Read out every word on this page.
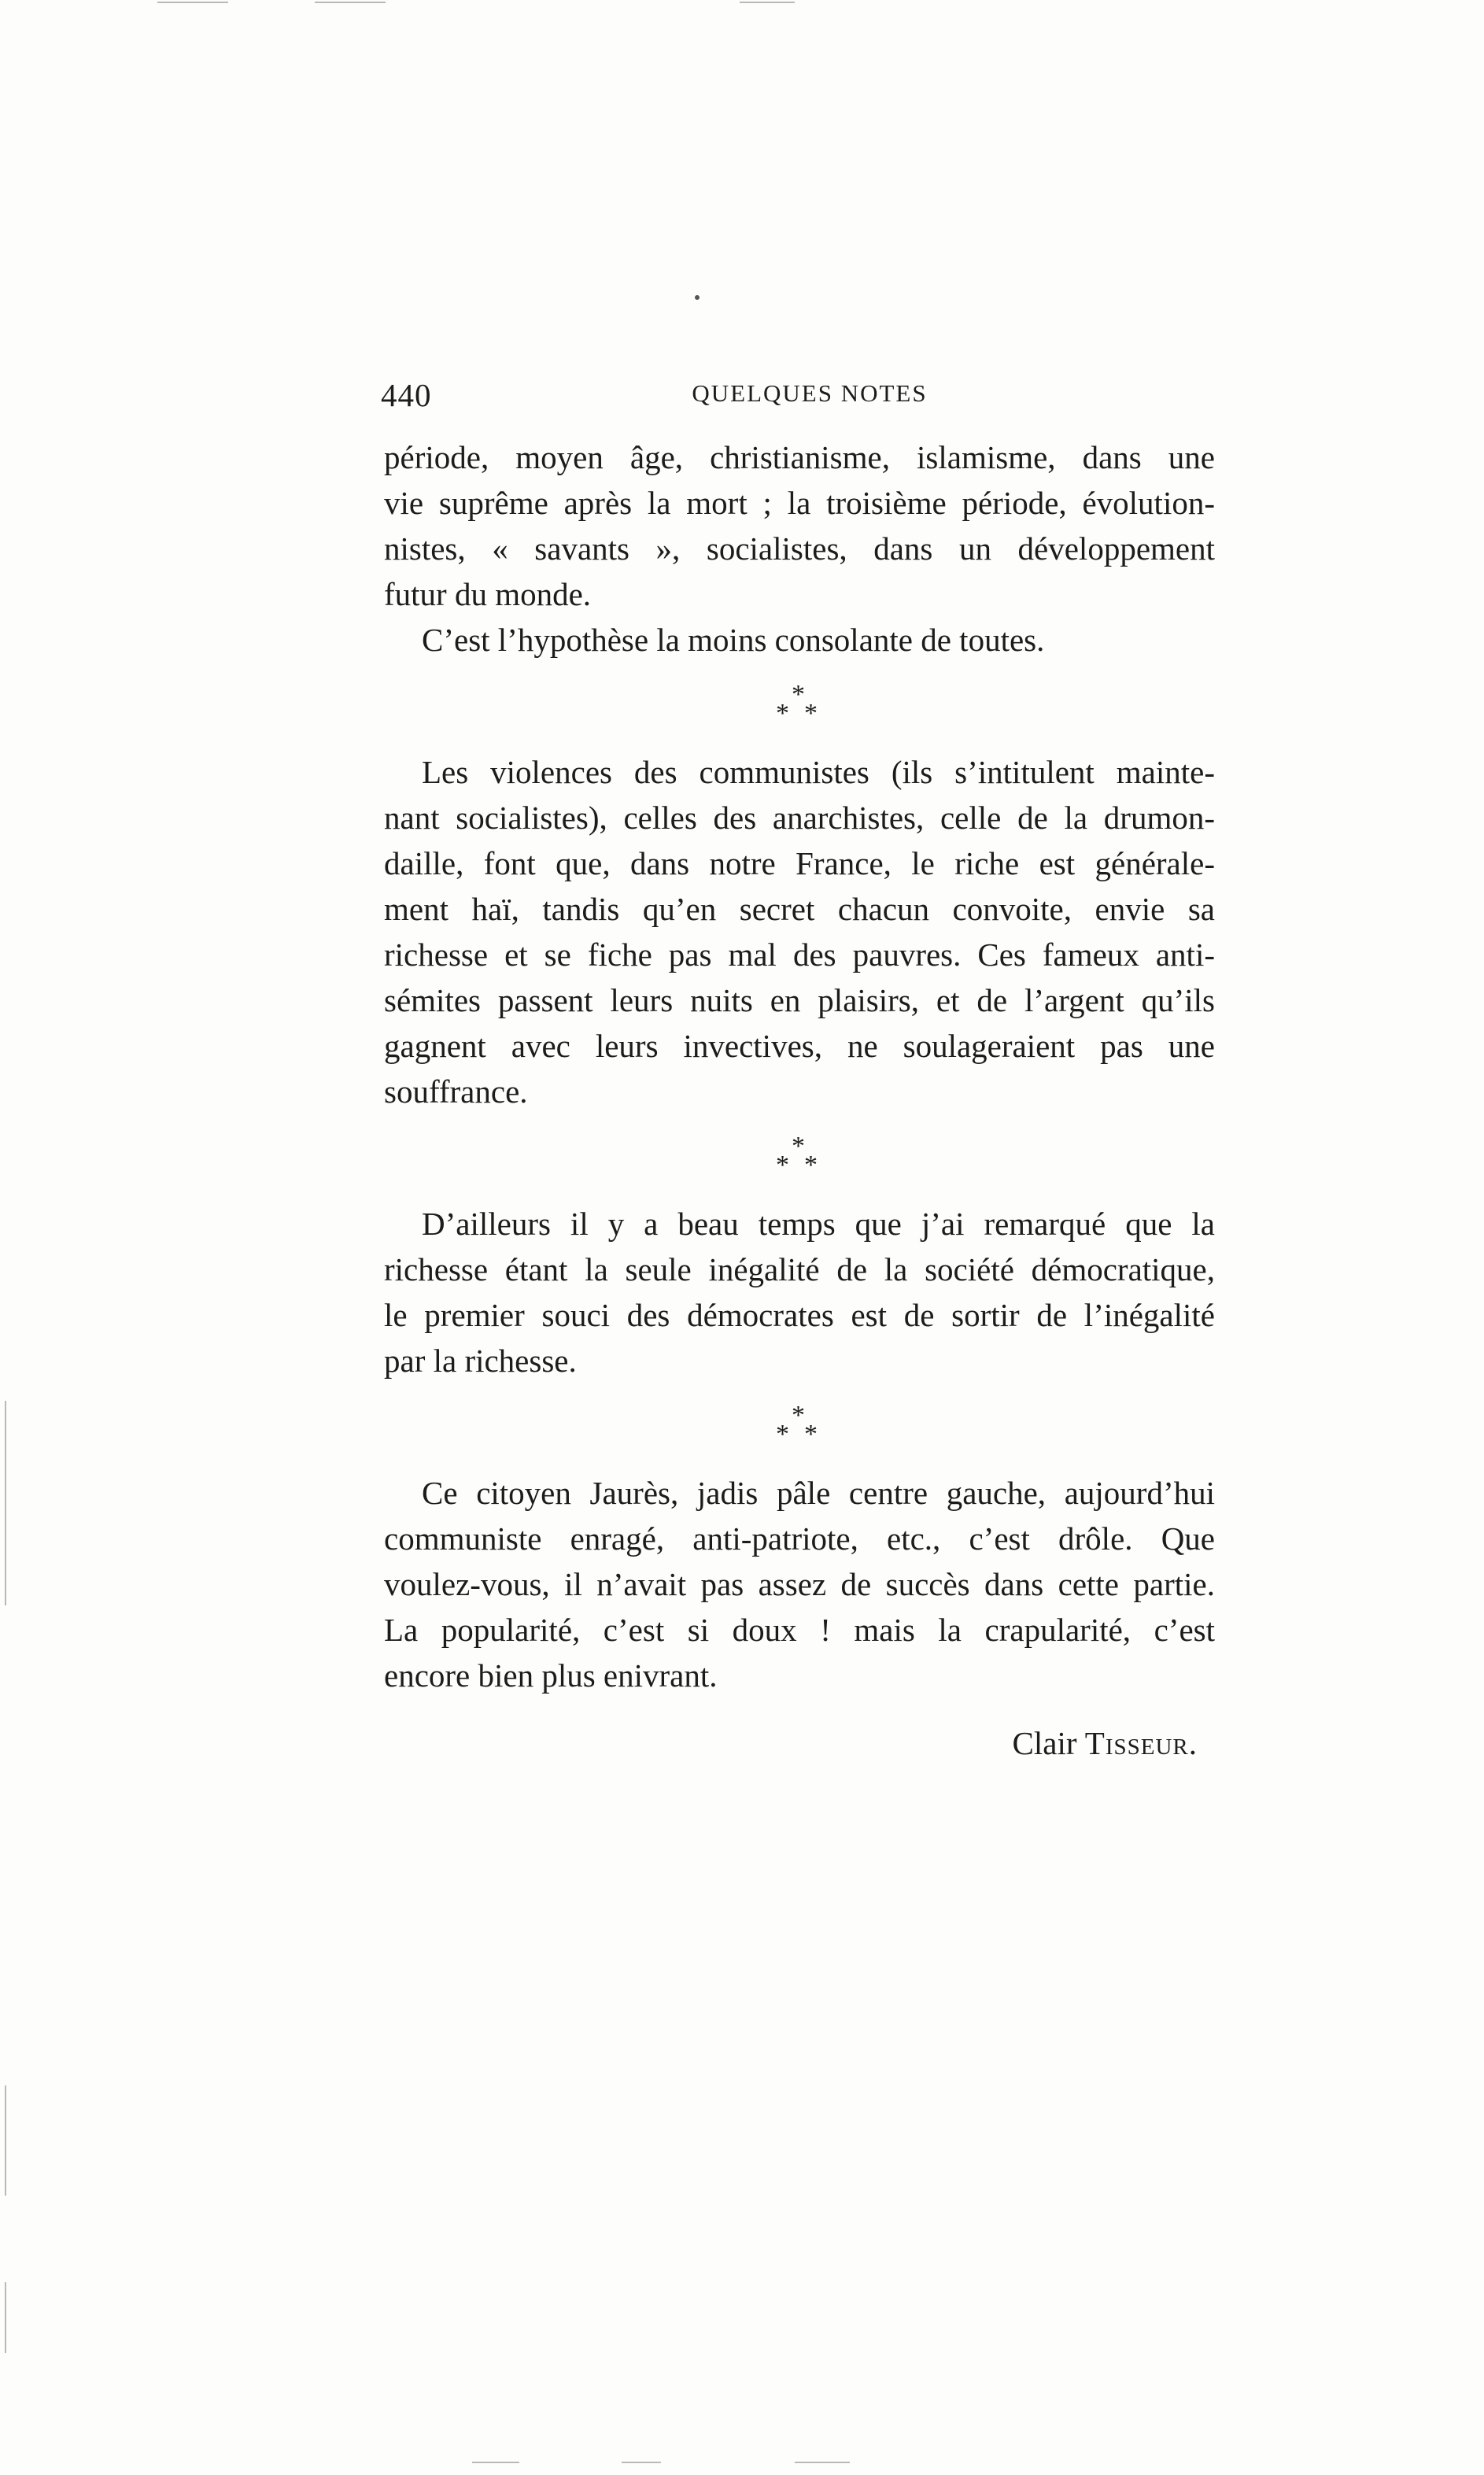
440	QUELQUES NOTES

période, moyen âge, christianisme, islamisme, dans une
vie suprême après la mort ; la troisième période, évolution-
nistes, « savants », socialistes, dans un développement
futur du monde.

C’est l’hypothèse la moins consolante de toutes.

*
* *

Les violences des communistes (ils s’intitulent mainte-
nant socialistes), celles des anarchistes, celle de la drumon-
daille, font que, dans notre France, le riche est générale-
ment haï, tandis qu’en secret chacun convoite, envie sa
richesse et se fiche pas mal des pauvres. Ces fameux anti-
sémites passent leurs nuits en plaisirs, et de l’argent qu’ils
gagnent avec leurs invectives, ne soulageraient pas une
souffrance.

*
* *

D’ailleurs il y a beau temps que j’ai remarqué que la
richesse étant la seule inégalité de la société démocratique,
le premier souci des démocrates est de sortir de l’inégalité
par la richesse.

*
* *

Ce citoyen Jaurès, jadis pâle centre gauche, aujourd’hui
communiste enragé, anti-patriote, etc., c’est drôle. Que
voulez-vous, il n’avait pas assez de succès dans cette partie.
La popularité, c’est si doux ! mais la crapularité, c’est
encore bien plus enivrant.

Clair Tisseur.
